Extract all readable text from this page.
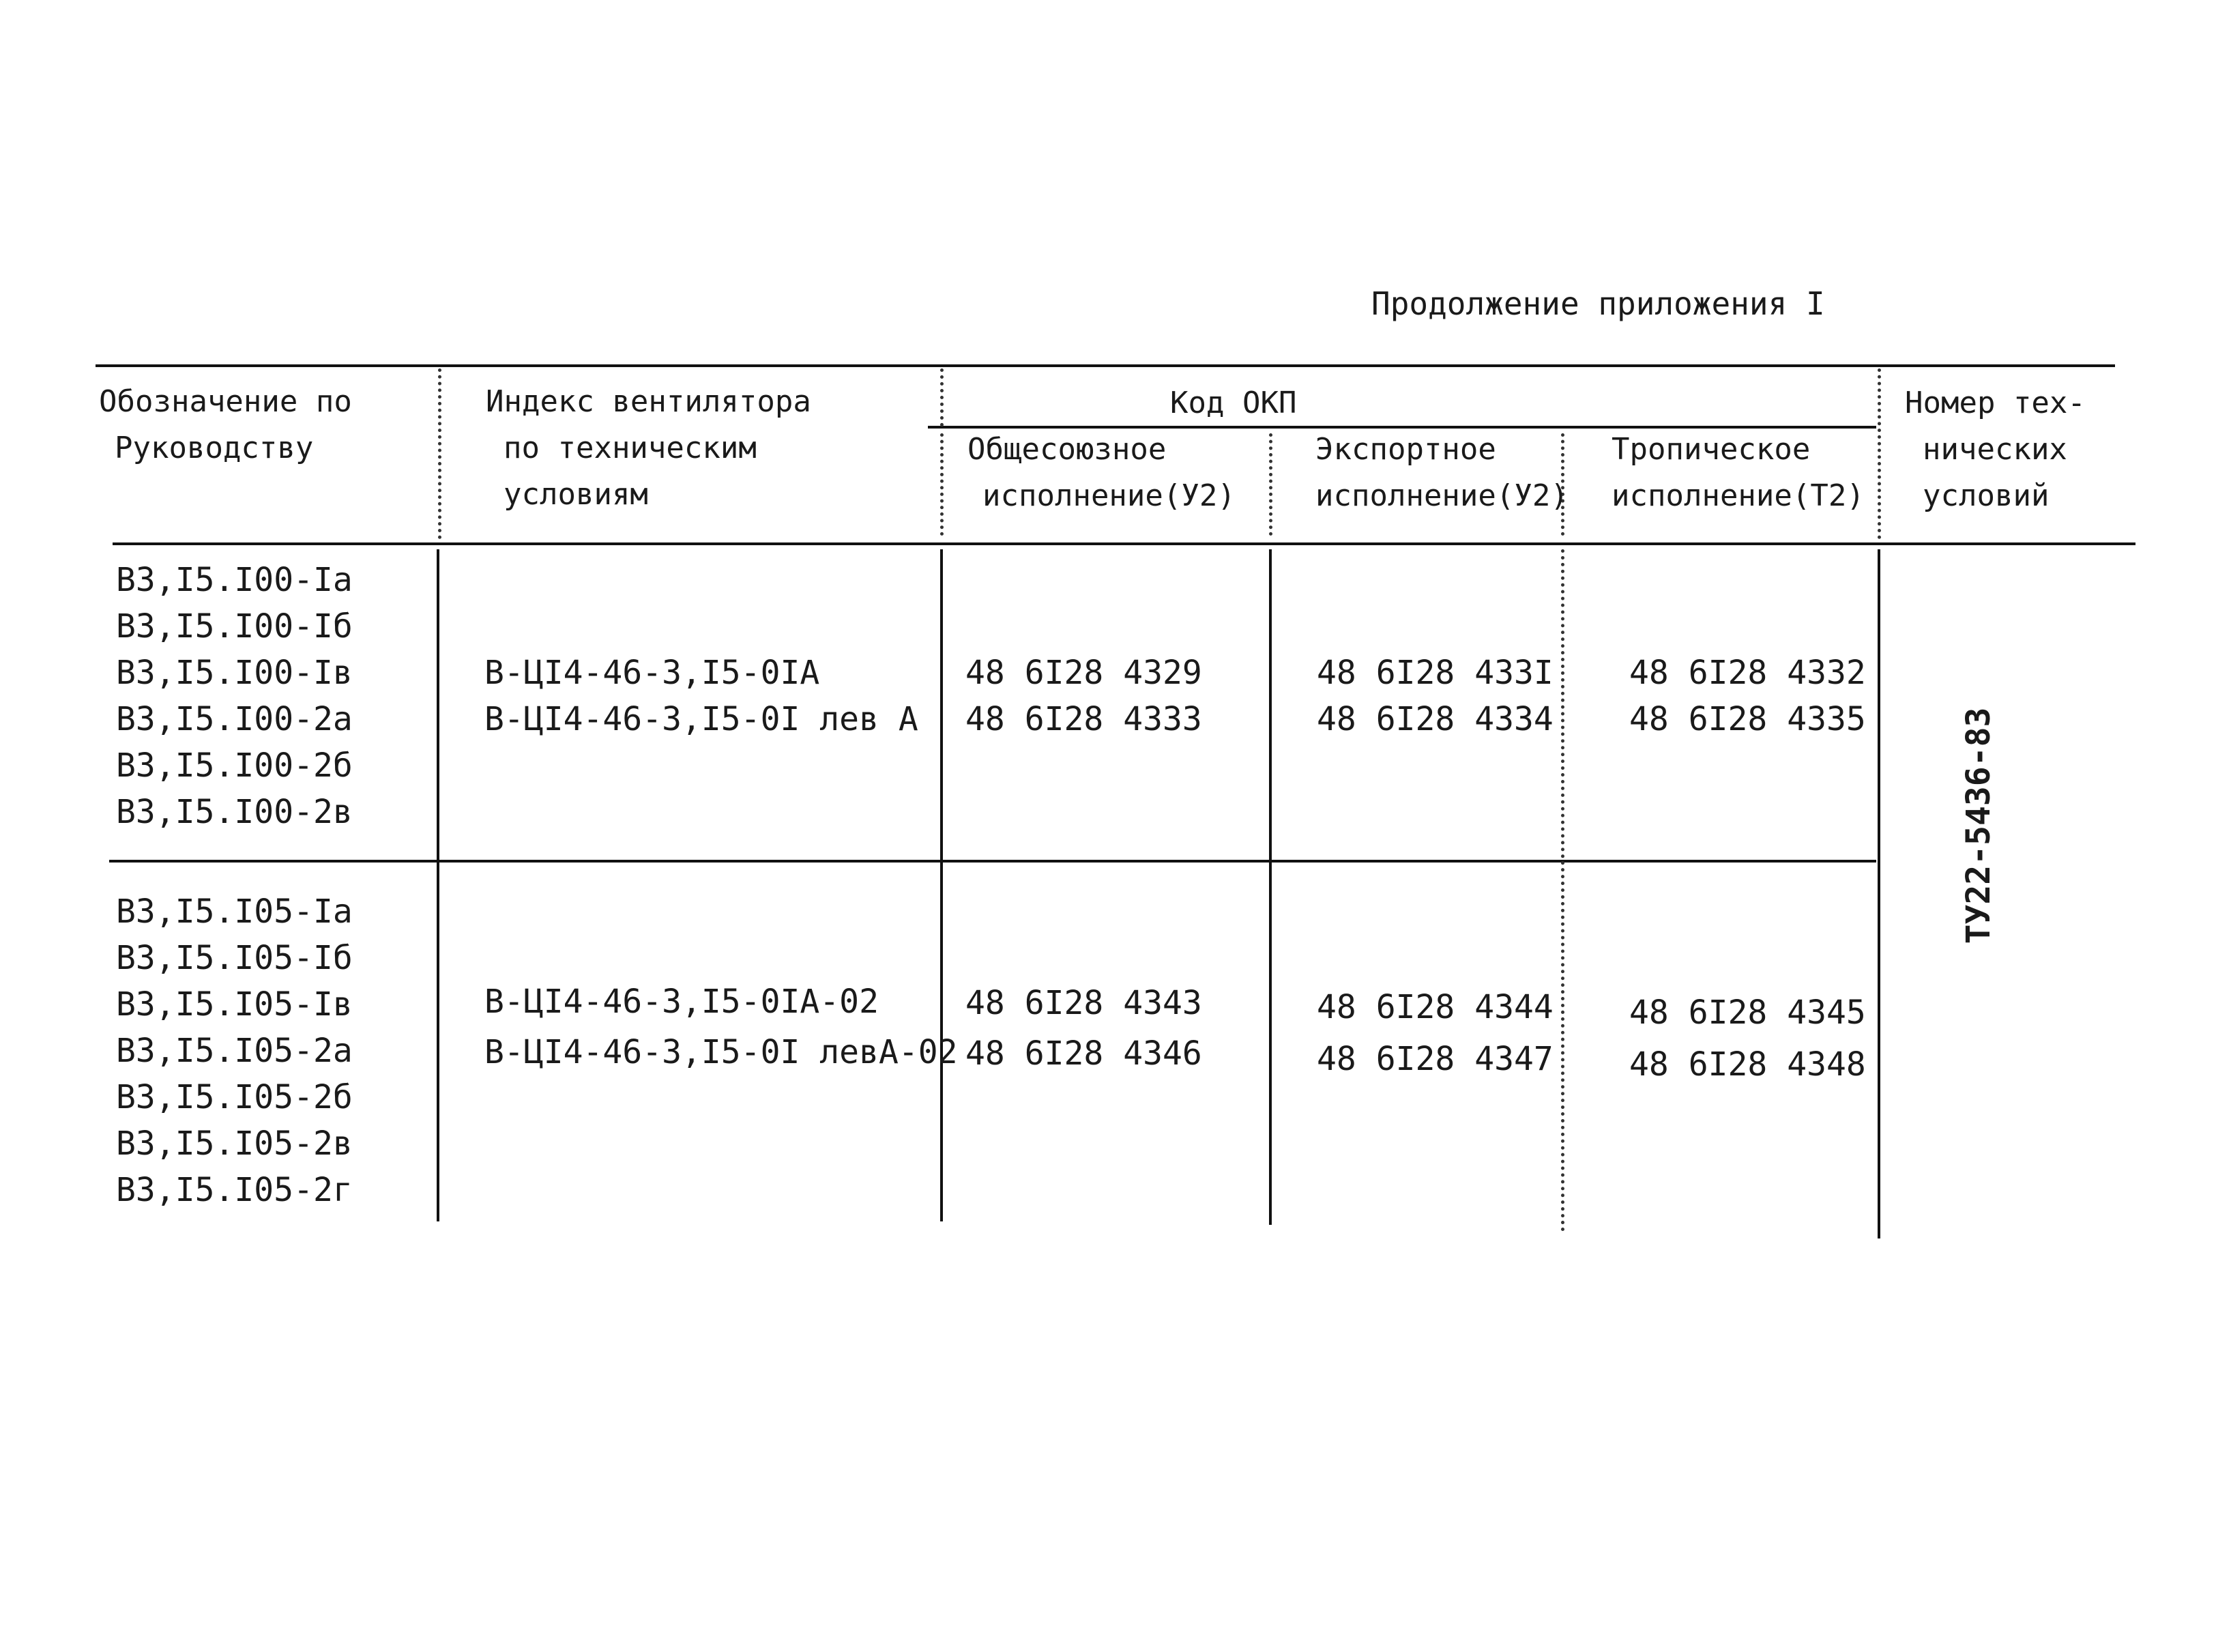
Продолжение приложения I
Обозначение по
Руководству
Индекс вентилятора
по техническим
условиям
Код ОКП
Общесоюзное
исполнение(У2)
Экспортное
исполнение(У2)
Тропическое
исполнение(Т2)
Номер тех-
нических
условий
В3,I5.I00-Iа
В3,I5.I00-Iб
В3,I5.I00-Iв
В3,I5.I00-2а
В3,I5.I00-2б
В3,I5.I00-2в
В-ЦI4-46-3,I5-0IА
В-ЦI4-46-3,I5-0I лев А
48 6I28 4329
48 6I28 4333
48 6I28 433I
48 6I28 4334
48 6I28 4332
48 6I28 4335
В3,I5.I05-Iа
В3,I5.I05-Iб
В3,I5.I05-Iв
В3,I5.I05-2а
В3,I5.I05-2б
В3,I5.I05-2в
В3,I5.I05-2г
В-ЦI4-46-3,I5-0IА-02
В-ЦI4-46-3,I5-0I левА-02
48 6I28 4343
48 6I28 4346
48 6I28 4344
48 6I28 4347
48 6I28 4345
48 6I28 4348
ТУ22-5436-83
